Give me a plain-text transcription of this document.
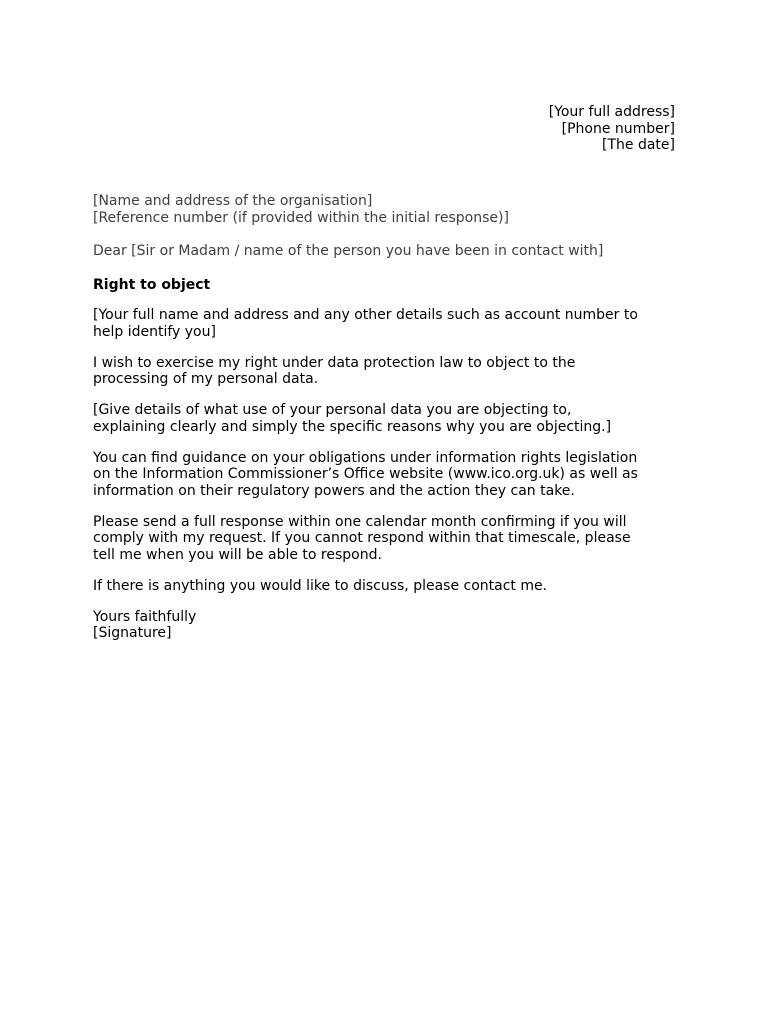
[Your full address]
[Phone number]
[The date]
[Name and address of the organisation]
[Reference number (if provided within the initial response)]
Dear [Sir or Madam / name of the person you have been in contact with]
Right to object
[Your full name and address and any other details such as account number to
help identify you]
I wish to exercise my right under data protection law to object to the
processing of my personal data.
[Give details of what use of your personal data you are objecting to,
explaining clearly and simply the specific reasons why you are objecting.]
You can find guidance on your obligations under information rights legislation
on the Information Commissioner’s Office website (www.ico.org.uk) as well as
information on their regulatory powers and the action they can take.
Please send a full response within one calendar month confirming if you will
comply with my request. If you cannot respond within that timescale, please
tell me when you will be able to respond.
If there is anything you would like to discuss, please contact me.
Yours faithfully
[Signature]
